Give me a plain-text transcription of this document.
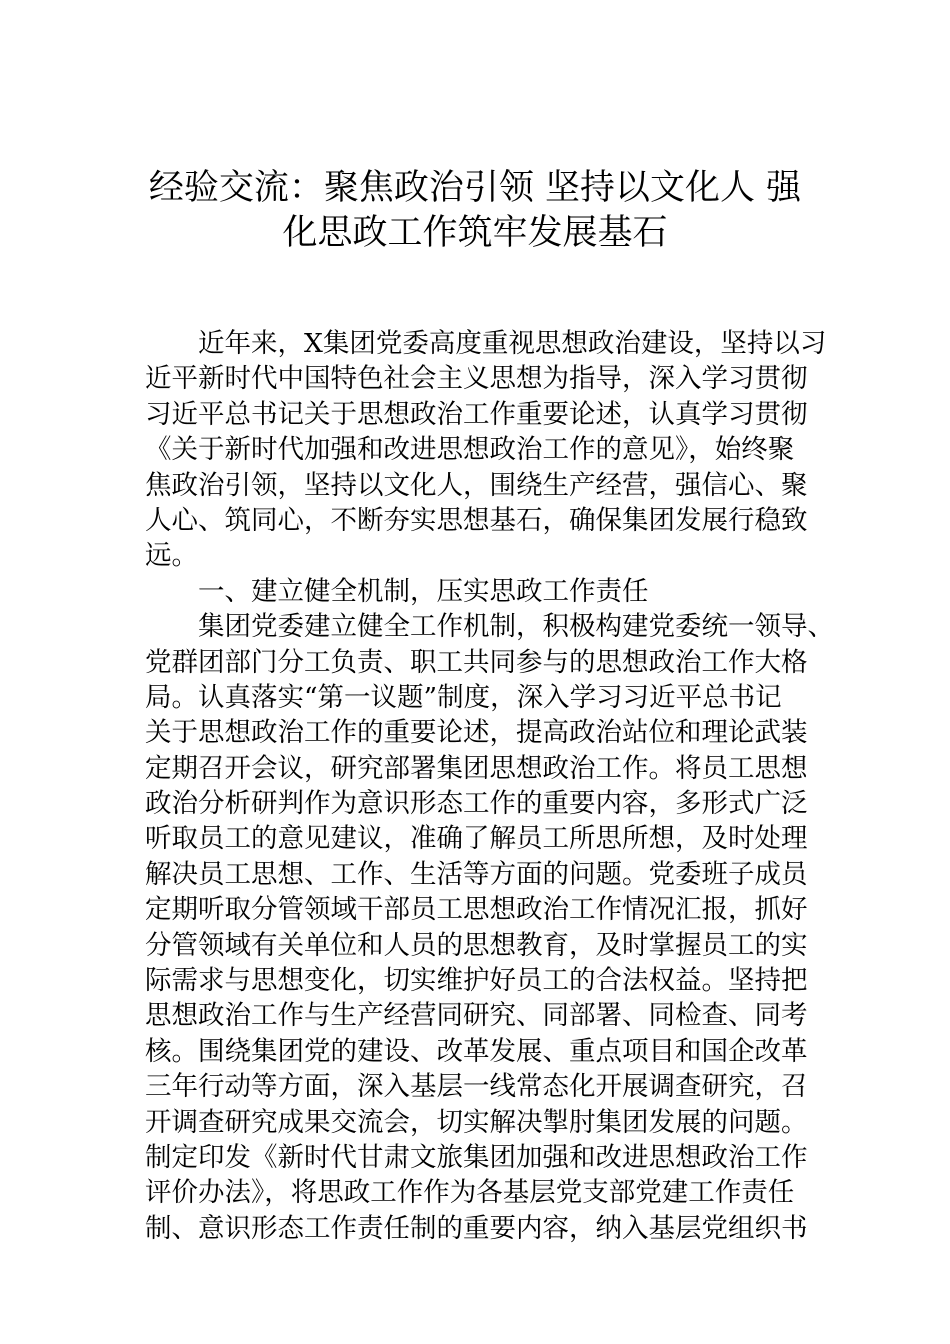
经验交流：聚焦政治引领 坚持以文化人 强
化思政工作筑牢发展基石
近年来，X集团党委高度重视思想政治建设，坚持以习
近平新时代中国特色社会主义思想为指导，深入学习贯彻
习近平总书记关于思想政治工作重要论述，认真学习贯彻
《关于新时代加强和改进思想政治工作的意见》，始终聚
焦政治引领，坚持以文化人，围绕生产经营，强信心、聚
人心、筑同心，不断夯实思想基石，确保集团发展行稳致
远。
一、建立健全机制，压实思政工作责任
集团党委建立健全工作机制，积极构建党委统一领导、
党群团部门分工负责、职工共同参与的思想政治工作大格
局。认真落实“第一议题”制度，深入学习习近平总书记
关于思想政治工作的重要论述，提高政治站位和理论武装
定期召开会议，研究部署集团思想政治工作。将员工思想
政治分析研判作为意识形态工作的重要内容，多形式广泛
听取员工的意见建议，准确了解员工所思所想，及时处理
解决员工思想、工作、生活等方面的问题。党委班子成员
定期听取分管领域干部员工思想政治工作情况汇报，抓好
分管领域有关单位和人员的思想教育，及时掌握员工的实
际需求与思想变化，切实维护好员工的合法权益。坚持把
思想政治工作与生产经营同研究、同部署、同检查、同考
核。围绕集团党的建设、改革发展、重点项目和国企改革
三年行动等方面，深入基层一线常态化开展调查研究，召
开调查研究成果交流会，切实解决掣肘集团发展的问题。
制定印发《新时代甘肃文旅集团加强和改进思想政治工作
评价办法》，将思政工作作为各基层党支部党建工作责任
制、意识形态工作责任制的重要内容，纳入基层党组织书
